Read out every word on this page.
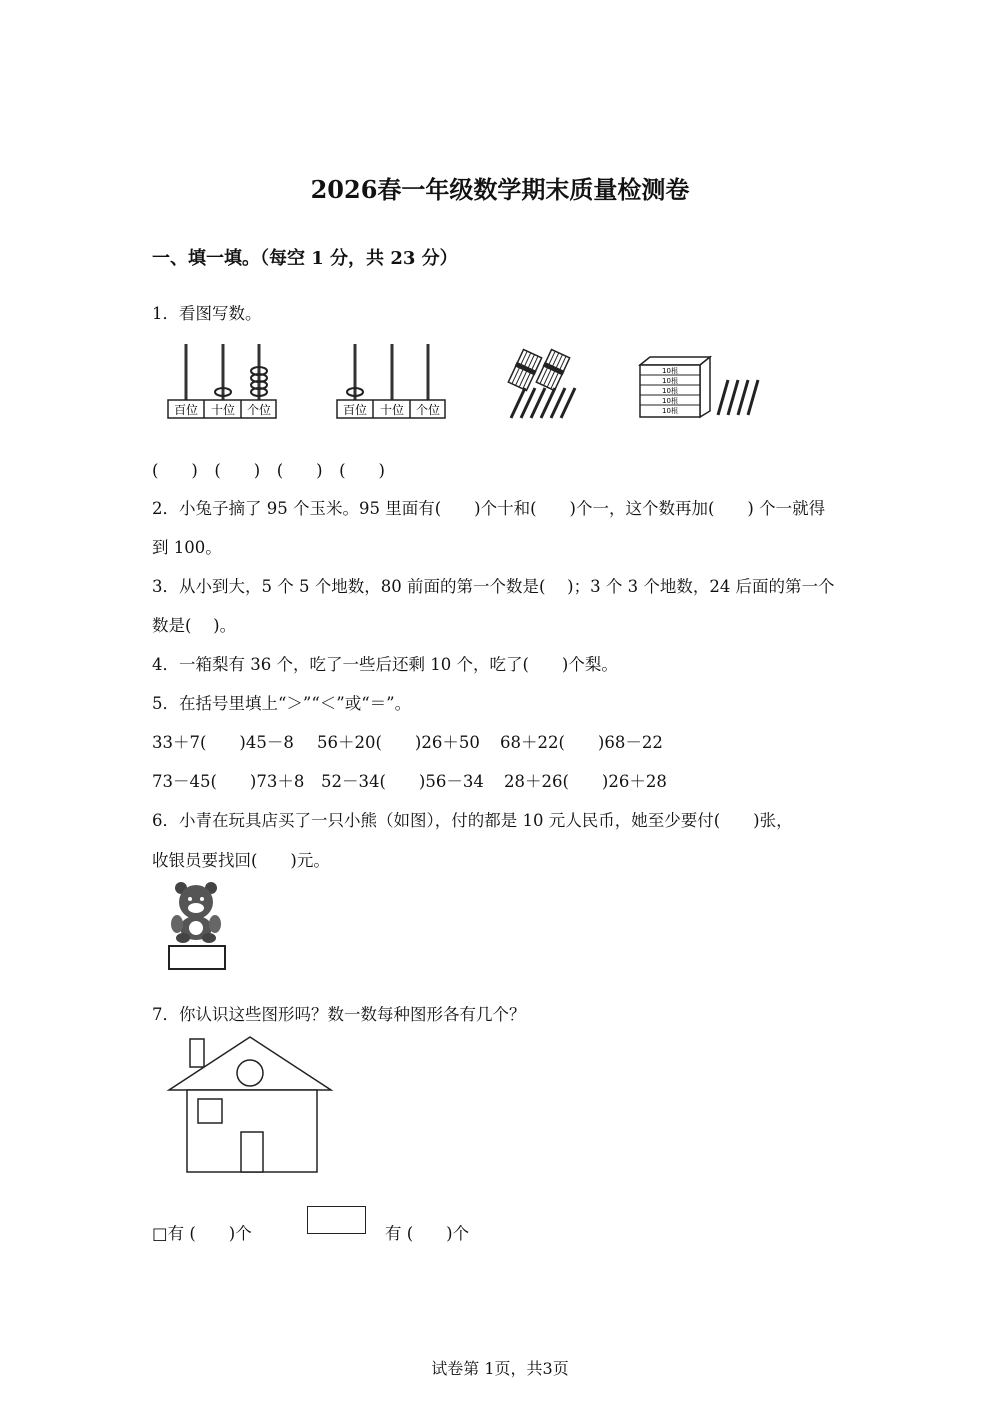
2026春一年级数学期末质量检测卷
一、填一填。（每空 1 分，共 23 分）
1．看图写数。
百位 十位 个位	百位 十位 个位
10根
10根
10根
10根
10根
(　　)　(　　)　(　　)　(　　)
2．小兔子摘了 95 个玉米。95 里面有(　　)个十和(　　)个一，这个数再加(　　) 个一就得
到 100。
3．从小到大，5 个 5 个地数，80 前面的第一个数是(　 )；3 个 3 个地数，24 后面的第一个
数是(　 )。
4．一箱梨有 36 个，吃了一些后还剩 10 个，吃了(　　)个梨。
5．在括号里填上“＞”“＜”或“＝”。
33＋7(　　)45－8 56＋20(　　)26＋50 68＋22(　　)68－22
73－45(　　)73＋8 52－34(　　)56－34 28＋26(　　)26＋28
6．小青在玩具店买了一只小熊（如图），付的都是 10 元人民币，她至少要付(　　)张，
收银员要找回(　　)元。
7．你认识这些图形吗？数一数每种图形各有几个？
□有 (　　)个	有 (　　)个
试卷第 1页，共3页
